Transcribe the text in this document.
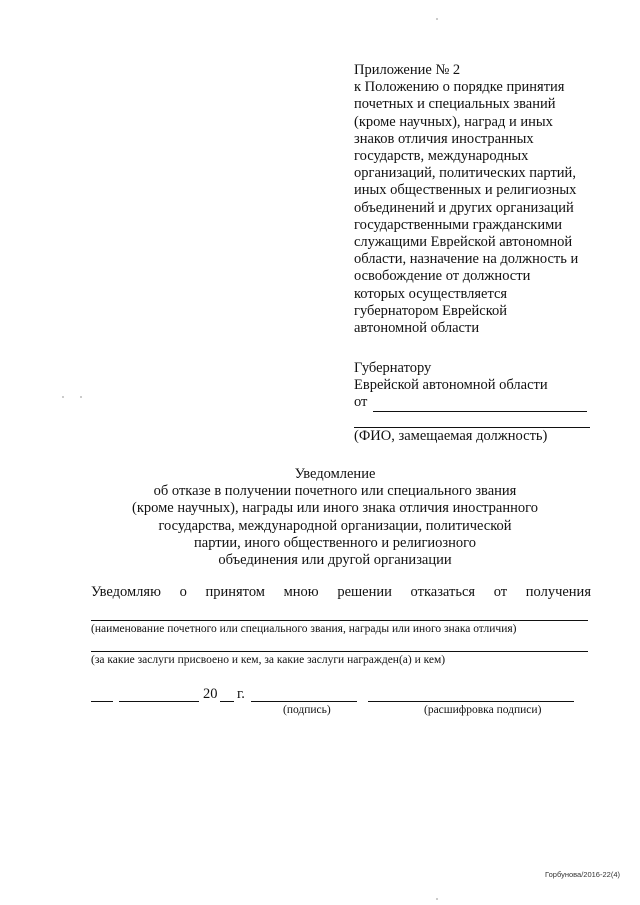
Приложение № 2
к Положению о порядке принятия
почетных и специальных званий
(кроме научных), наград и иных
знаков отличия иностранных
государств, международных
организаций, политических партий,
иных общественных и религиозных
объединений и других организаций
государственными гражданскими
служащими Еврейской автономной
области, назначение на должность и
освобождение от должности
которых осуществляется
губернатором Еврейской
автономной области
Губернатору
Еврейской автономной области
от
(ФИО, замещаемая должность)
Уведомление
об отказе в получении почетного или специального звания
(кроме научных), награды или иного знака отличия иностранного
государства, международной организации, политической
партии, иного общественного и религиозного
объединения или другой организации
Уведомляю о принятом мною решении отказаться от получения
(наименование почетного или специального звания, награды или иного знака отличия)
(за какие заслуги присвоено и кем, за какие заслуги награжден(а) и кем)
20 г.
(подпись)	(расшифровка подписи)
Горбунова/2016-22(4)
